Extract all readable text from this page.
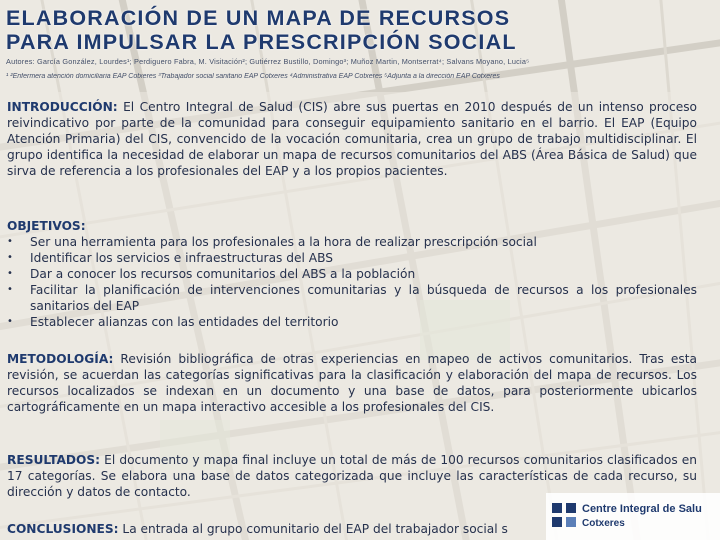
ELABORACIÓN DE UN MAPA DE RECURSOS
PARA IMPULSAR LA PRESCRIPCIÓN SOCIAL
Autores: García González, Lourdes¹; Perdiguero Fabra, M. Visitación²; Gutiérrez Bustillo, Domingo³; Muñoz Martin, Montserrat⁴; Salvans Moyano, Lucia⁵
¹ ²Enfermera atención domiciliaria EAP Cotxeres ³Trabajador social sanitario EAP Cotxeres ⁴Administrativa EAP Cotxeres ⁵Adjunta a la dirección EAP Cotxeres
INTRODUCCIÓN: El Centro Integral de Salud (CIS) abre sus puertas en 2010 después de un intenso proceso reivindicativo por parte de la comunidad para conseguir equipamiento sanitario en el barrio. El EAP (Equipo Atención Primaria) del CIS, convencido de la vocación comunitaria, crea un grupo de trabajo multidisciplinar. El grupo identifica la necesidad de elaborar un mapa de recursos comunitarios del ABS (Área Básica de Salud) que sirva de referencia a los profesionales del EAP y a los propios pacientes.
OBJETIVOS:
• Ser una herramienta para los profesionales a la hora de realizar prescripción social
• Identificar los servicios e infraestructuras del ABS
• Dar a conocer los recursos comunitarios del ABS a la población
• Facilitar la planificación de intervenciones comunitarias y la búsqueda de recursos a los profesionales sanitarios del EAP
• Establecer alianzas con las entidades del territorio
METODOLOGÍA: Revisión bibliográfica de otras experiencias en mapeo de activos comunitarios. Tras esta revisión, se acuerdan las categorías significativas para la clasificación y elaboración del mapa de recursos. Los recursos localizados se indexan en un documento y una base de datos, para posteriormente ubicarlos cartográficamente en un mapa interactivo accesible a los profesionales del CIS.
RESULTADOS: El documento y mapa final incluye un total de más de 100 recursos comunitarios clasificados en 17 categorías. Se elabora una base de datos categorizada que incluye las características de cada recurso, su dirección y datos de contacto.
CONCLUSIONES: La entrada al grupo comunitario del EAP del trabajador social s
Centre Integral de Salu
Cotxeres
